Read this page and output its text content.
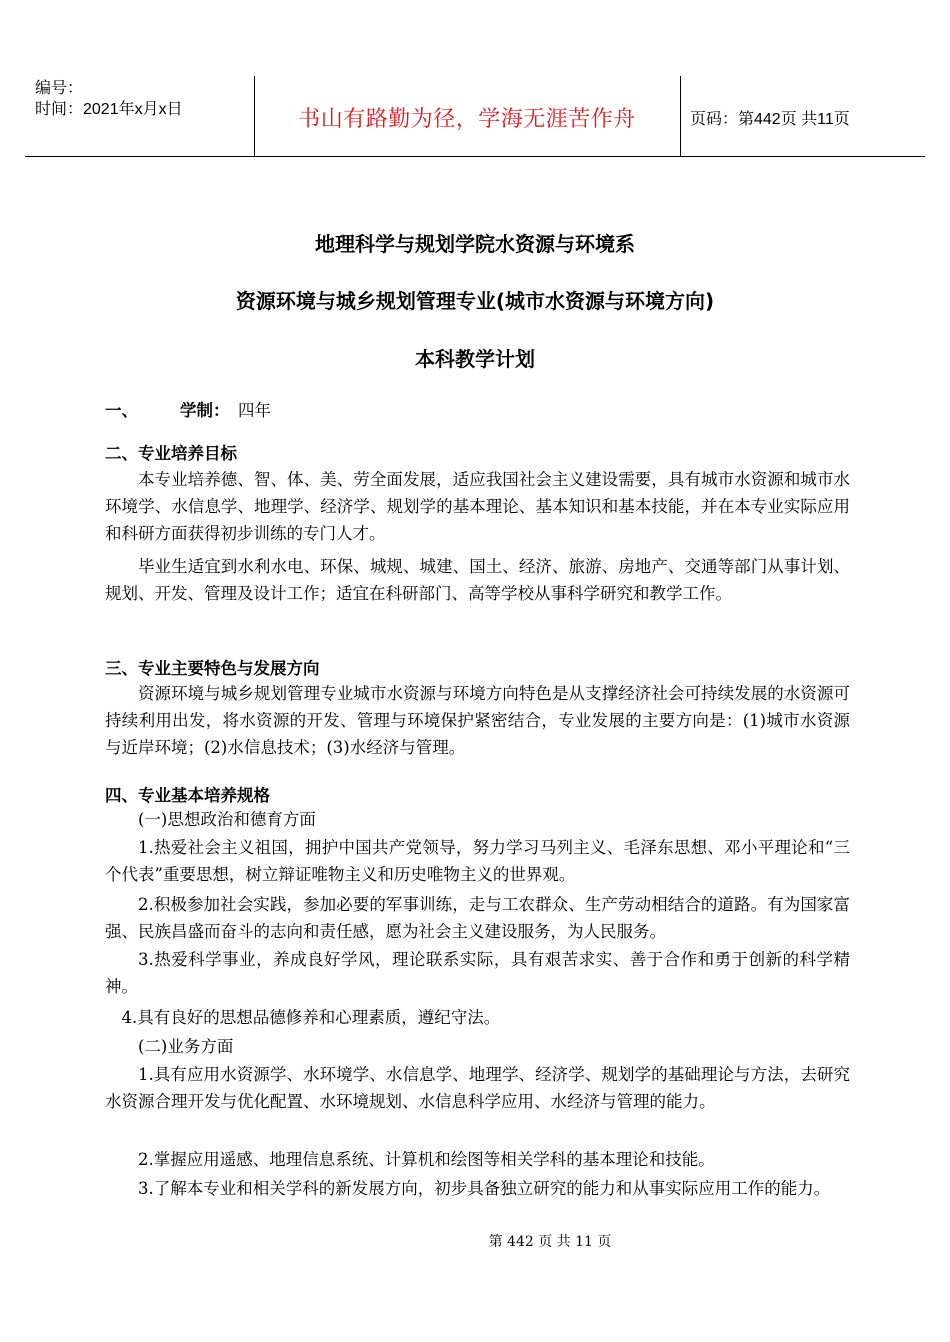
编号：
时间：2021年x月x日	书山有路勤为径，学海无涯苦作舟	页码：第442页 共11页
地理科学与规划学院水资源与环境系
资源环境与城乡规划管理专业(城市水资源与环境方向)
本科教学计划
一、	学制： 四年
二、专业培养目标
本专业培养德、智、体、美、劳全面发展，适应我国社会主义建设需要，具有城市水资源和城市水环境学、水信息学、地理学、经济学、规划学的基本理论、基本知识和基本技能，并在本专业实际应用和科研方面获得初步训练的专门人才。
毕业生适宜到水利水电、环保、城规、城建、国土、经济、旅游、房地产、交通等部门从事计划、规划、开发、管理及设计工作；适宜在科研部门、高等学校从事科学研究和教学工作。
三、专业主要特色与发展方向
资源环境与城乡规划管理专业城市水资源与环境方向特色是从支撑经济社会可持续发展的水资源可持续利用出发，将水资源的开发、管理与环境保护紧密结合，专业发展的主要方向是：(1)城市水资源与近岸环境；(2)水信息技术；(3)水经济与管理。
四、专业基本培养规格
(一)思想政治和德育方面
1.热爱社会主义祖国，拥护中国共产党领导，努力学习马列主义、毛泽东思想、邓小平理论和“三个代表”重要思想，树立辩证唯物主义和历史唯物主义的世界观。
2.积极参加社会实践，参加必要的军事训练，走与工农群众、生产劳动相结合的道路。有为国家富强、民族昌盛而奋斗的志向和责任感，愿为社会主义建设服务，为人民服务。
3.热爱科学事业，养成良好学风，理论联系实际，具有艰苦求实、善于合作和勇于创新的科学精神。
4.具有良好的思想品德修养和心理素质，遵纪守法。
(二)业务方面
1.具有应用水资源学、水环境学、水信息学、地理学、经济学、规划学的基础理论与方法，去研究水资源合理开发与优化配置、水环境规划、水信息科学应用、水经济与管理的能力。
2.掌握应用遥感、地理信息系统、计算机和绘图等相关学科的基本理论和技能。
3.了解本专业和相关学科的新发展方向，初步具备独立研究的能力和从事实际应用工作的能力。
第 442 页 共 11 页
